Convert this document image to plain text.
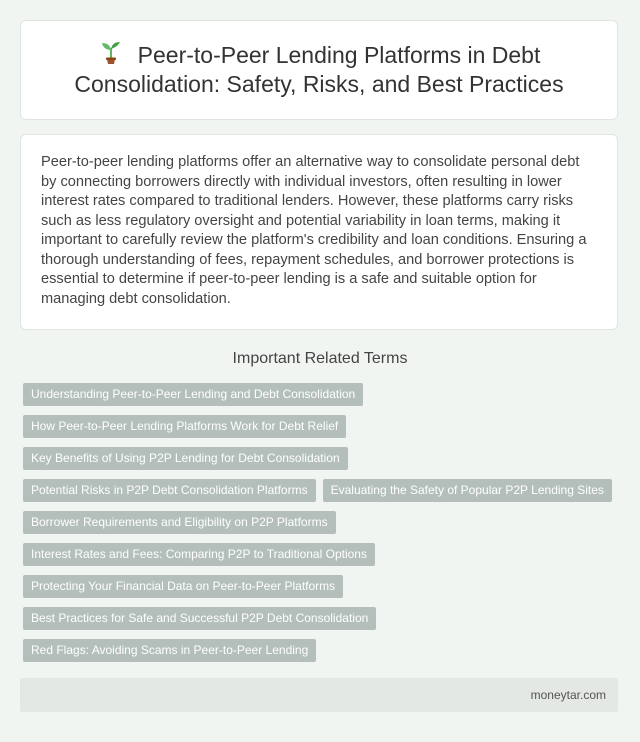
Peer-to-Peer Lending Platforms in Debt Consolidation: Safety, Risks, and Best Practices

Peer-to-peer lending platforms offer an alternative way to consolidate personal debt by connecting borrowers directly with individual investors, often resulting in lower interest rates compared to traditional lenders. However, these platforms carry risks such as less regulatory oversight and potential variability in loan terms, making it important to carefully review the platform's credibility and loan conditions. Ensuring a thorough understanding of fees, repayment schedules, and borrower protections is essential to determine if peer-to-peer lending is a safe and suitable option for managing debt consolidation.

Important Related Terms
Understanding Peer-to-Peer Lending and Debt Consolidation
How Peer-to-Peer Lending Platforms Work for Debt Relief
Key Benefits of Using P2P Lending for Debt Consolidation
Potential Risks in P2P Debt Consolidation Platforms	Evaluating the Safety of Popular P2P Lending Sites
Borrower Requirements and Eligibility on P2P Platforms
Interest Rates and Fees: Comparing P2P to Traditional Options
Protecting Your Financial Data on Peer-to-Peer Platforms
Best Practices for Safe and Successful P2P Debt Consolidation
Red Flags: Avoiding Scams in Peer-to-Peer Lending
moneytar.com
